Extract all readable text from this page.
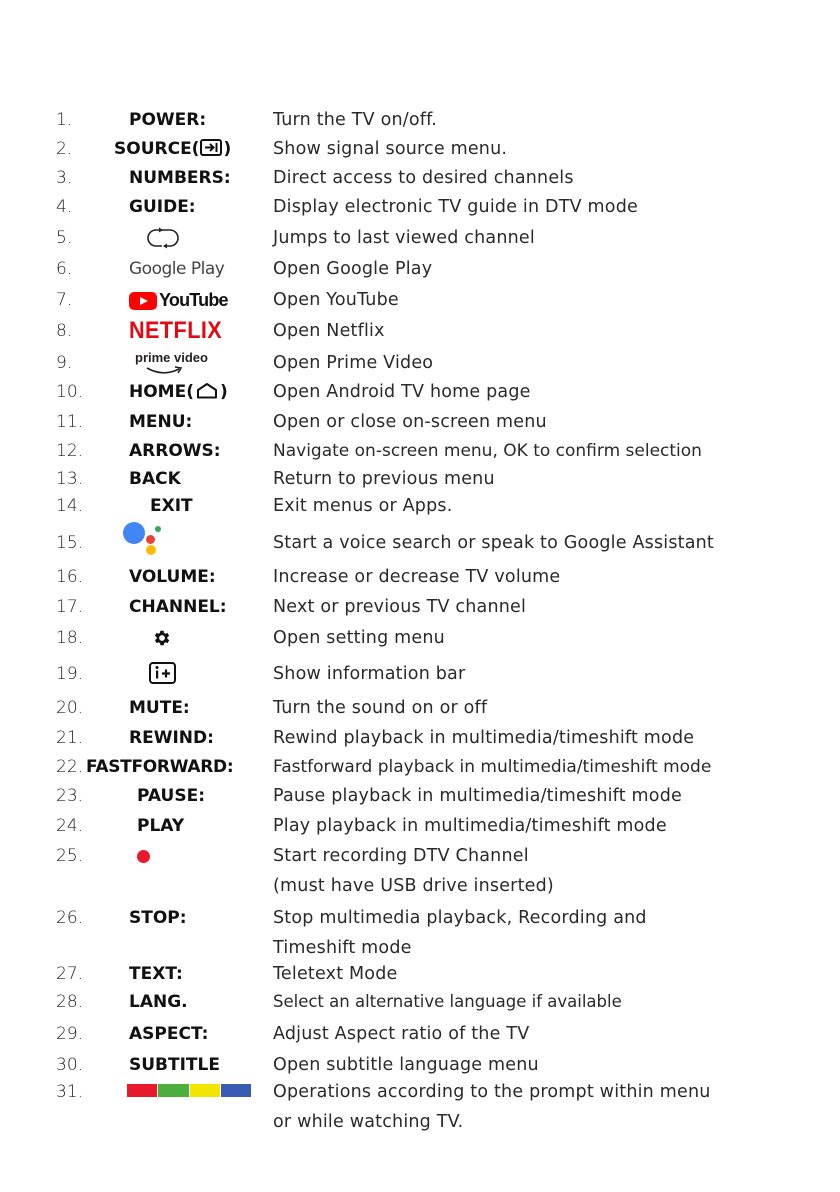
1.	POWER:	Turn the TV on/off.
2. SOURCE( ) Show signal source menu.
3.	NUMBERS: Direct access to desired channels
4.	GUIDE:	Display electronic TV guide in DTV mode
5.	Jumps to last viewed channel
6.	Google Play	Open Google Play
7.	YouTube	Open YouTube
8. NETFLIX	Open Netflix
9.	prime video	Open Prime Video
10.	HOME( )	Open Android TV home page
11.	MENU:	Open or close on-screen menu
12.	ARROWS:	Navigate on-screen menu, OK to confirm selection
13.	BACK	Return to previous menu
14.	EXIT	Exit menus or Apps.
15.	Start a voice search or speak to Google Assistant
16.	VOLUME:	Increase or decrease TV volume
17.	CHANNEL:	Next or previous TV channel
18.	Open setting menu
19.	Show information bar
20.	MUTE:	Turn the sound on or off
21.	REWIND:	Rewind playback in multimedia/timeshift mode
22. FASTFORWARD: Fastforward playback in multimedia/timeshift mode
23.	PAUSE:	Pause playback in multimedia/timeshift mode
24.	PLAY	Play playback in multimedia/timeshift mode
25.	Start recording DTV Channel
(must have USB drive inserted)
26.	STOP:	Stop multimedia playback, Recording and
Timeshift mode
27.	TEXT:	Teletext Mode
28.	LANG.	Select an alternative language if available
29.	ASPECT:	Adjust Aspect ratio of the TV
30.	SUBTITLE	Open subtitle language menu
31.	Operations according to the prompt within menu
or while watching TV.
